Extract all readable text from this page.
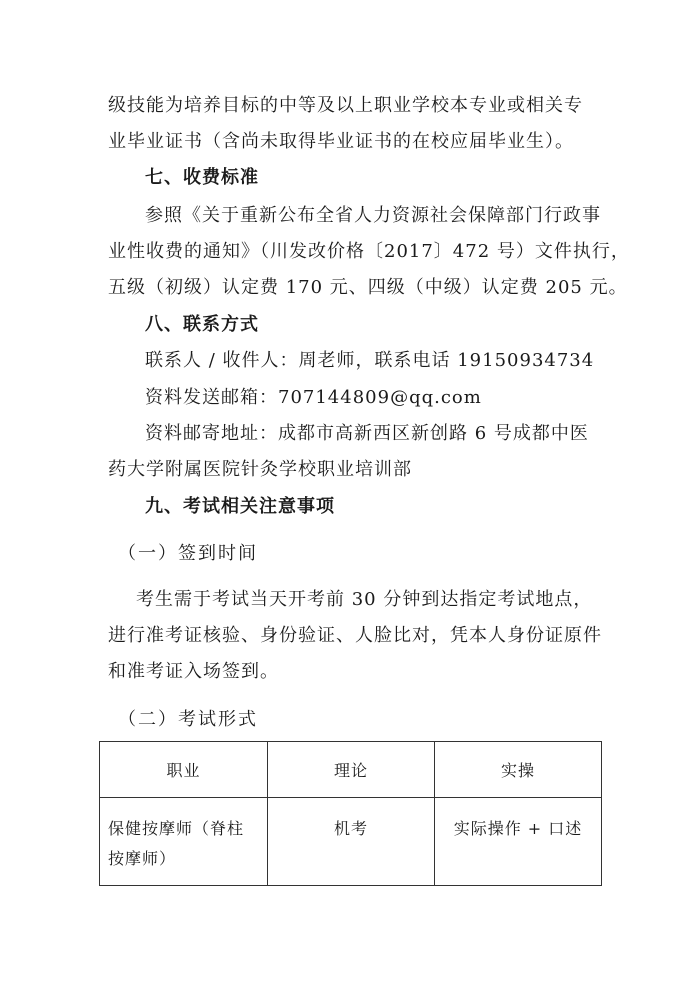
级技能为培养目标的中等及以上职业学校本专业或相关专
业毕业证书（含尚未取得毕业证书的在校应届毕业生）。
七、收费标准
参照《关于重新公布全省人力资源社会保障部门行政事
业性收费的通知》（川发改价格〔2017〕472 号）文件执行，
五级（初级）认定费 170 元、四级（中级）认定费 205 元。
八、联系方式
联系人 / 收件人：周老师，联系电话 19150934734
资料发送邮箱：707144809@qq.com
资料邮寄地址：成都市高新西区新创路 6 号成都中医
药大学附属医院针灸学校职业培训部
九、考试相关注意事项
（一）签到时间
考生需于考试当天开考前 30 分钟到达指定考试地点，
进行准考证核验、身份验证、人脸比对，凭本人身份证原件
和准考证入场签到。
（二）考试形式
职业	理论	实操
保健按摩师（脊柱按摩师）	机考	实际操作 + 口述
